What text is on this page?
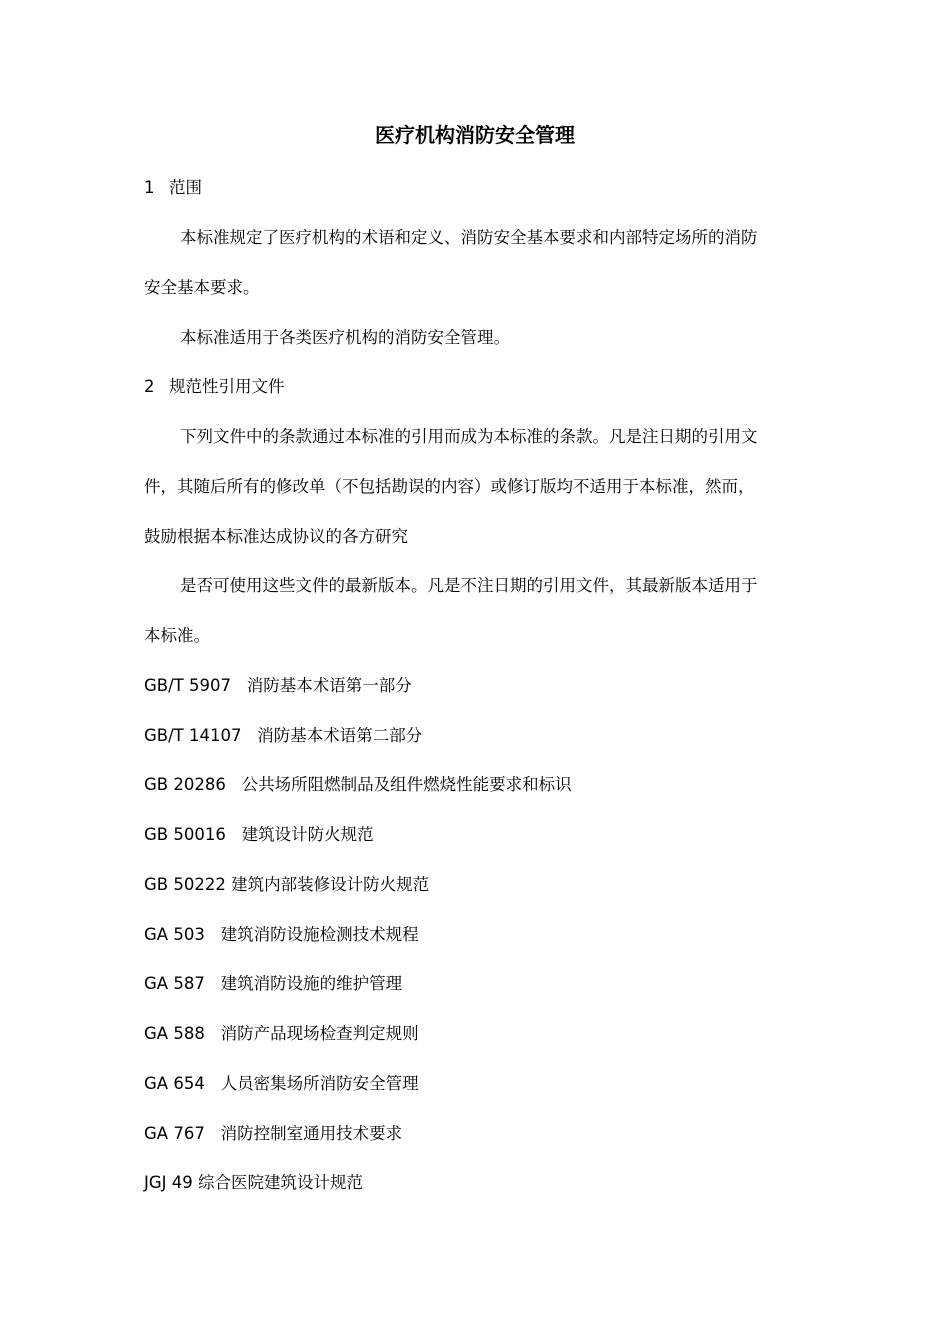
医疗机构消防安全管理
1 范围
本标准规定了医疗机构的术语和定义、消防安全基本要求和内部特定场所的消防
安全基本要求。
本标准适用于各类医疗机构的消防安全管理。
2 规范性引用文件
下列文件中的条款通过本标准的引用而成为本标准的条款。凡是注日期的引用文
件，其随后所有的修改单（不包括勘误的内容）或修订版均不适用于本标准，然而，
鼓励根据本标准达成协议的各方研究
是否可使用这些文件的最新版本。凡是不注日期的引用文件，其最新版本适用于
本标准。
GB/T 5907 消防基本术语第一部分
GB/T 14107 消防基本术语第二部分
GB 20286 公共场所阻燃制品及组件燃烧性能要求和标识
GB 50016 建筑设计防火规范
GB 50222 建筑内部装修设计防火规范
GA 503 建筑消防设施检测技术规程
GA 587 建筑消防设施的维护管理
GA 588 消防产品现场检查判定规则
GA 654 人员密集场所消防安全管理
GA 767 消防控制室通用技术要求
JGJ 49 综合医院建筑设计规范
